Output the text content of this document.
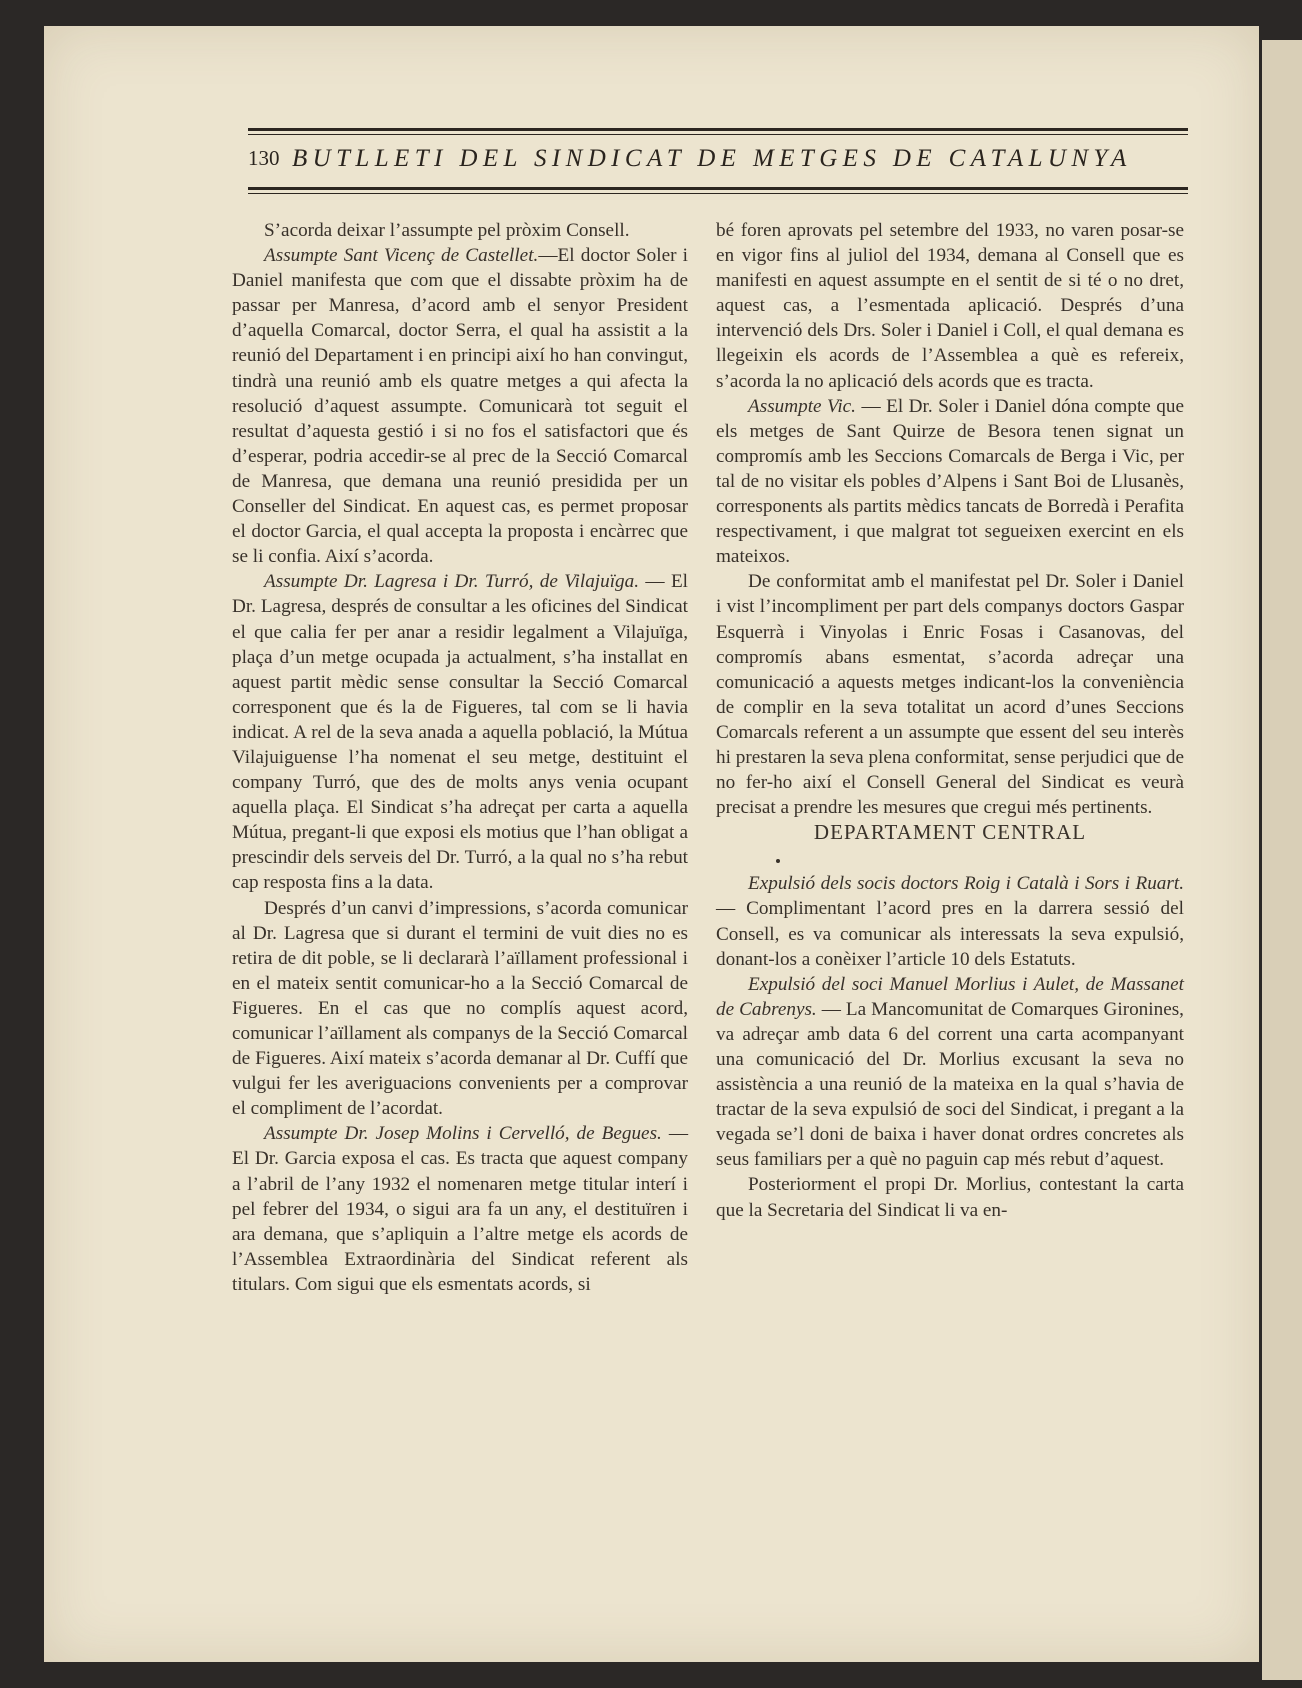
130 BUTLLETI DEL SINDICAT DE METGES DE CATALUNYA

S’acorda deixar l’assumpte pel pròxim Consell.

Assumpte Sant Vicenç de Castellet.—El doctor Soler i Daniel manifesta que com que el dissabte pròxim ha de passar per Manresa, d’acord amb el senyor President d’aquella Comarcal, doctor Serra, el qual ha assistit a la reunió del Departament i en principi així ho han convingut, tindrà una reunió amb els quatre metges a qui afecta la resolució d’aquest assumpte. Comunicarà tot seguit el resultat d’aquesta gestió i si no fos el satisfactori que és d’esperar, podria accedir-se al prec de la Secció Comarcal de Manresa, que demana una reunió presidida per un Conseller del Sindicat. En aquest cas, es permet proposar el doctor Garcia, el qual accepta la proposta i encàrrec que se li confia. Així s’acorda.

Assumpte Dr. Lagresa i Dr. Turró, de Vilajuïga. — El Dr. Lagresa, després de consultar a les oficines del Sindicat el que calia fer per anar a residir legalment a Vilajuïga, plaça d’un metge ocupada ja actualment, s’ha installat en aquest partit mèdic sense consultar la Secció Comarcal corresponent que és la de Figueres, tal com se li havia indicat. A rel de la seva anada a aquella població, la Mútua Vilajuiguense l’ha nomenat el seu metge, destituint el company Turró, que des de molts anys venia ocupant aquella plaça. El Sindicat s’ha adreçat per carta a aquella Mútua, pregant-li que exposi els motius que l’han obligat a prescindir dels serveis del Dr. Turró, a la qual no s’ha rebut cap resposta fins a la data.

Després d’un canvi d’impressions, s’acorda comunicar al Dr. Lagresa que si durant el termini de vuit dies no es retira de dit poble, se li declararà l’aïllament professional i en el mateix sentit comunicar-ho a la Secció Comarcal de Figueres. En el cas que no complís aquest acord, comunicar l’aïllament als companys de la Secció Comarcal de Figueres. Així mateix s’acorda demanar al Dr. Cuffí que vulgui fer les averiguacions convenients per a comprovar el compliment de l’acordat.

Assumpte Dr. Josep Molins i Cervelló, de Begues. — El Dr. Garcia exposa el cas. Es tracta que aquest company a l’abril de l’any 1932 el nomenaren metge titular interí i pel febrer del 1934, o sigui ara fa un any, el destituïren i ara demana, que s’apliquin a l’altre metge els acords de l’Assemblea Extraordinària del Sindicat referent als titulars. Com sigui que els esmentats acords, si

bé foren aprovats pel setembre del 1933, no varen posar-se en vigor fins al juliol del 1934, demana al Consell que es manifesti en aquest assumpte en el sentit de si té o no dret, aquest cas, a l’esmentada aplicació. Després d’una intervenció dels Drs. Soler i Daniel i Coll, el qual demana es llegeixin els acords de l’Assemblea a què es refereix, s’acorda la no aplicació dels acords que es tracta.

Assumpte Vic. — El Dr. Soler i Daniel dóna compte que els metges de Sant Quirze de Besora tenen signat un compromís amb les Seccions Comarcals de Berga i Vic, per tal de no visitar els pobles d’Alpens i Sant Boi de Llusanès, corresponents als partits mèdics tancats de Borredà i Perafita respectivament, i que malgrat tot segueixen exercint en els mateixos.

De conformitat amb el manifestat pel Dr. Soler i Daniel i vist l’incompliment per part dels companys doctors Gaspar Esquerrà i Vinyolas i Enric Fosas i Casanovas, del compromís abans esmentat, s’acorda adreçar una comunicació a aquests metges indicant-los la conveniència de complir en la seva totalitat un acord d’unes Seccions Comarcals referent a un assumpte que essent del seu interès hi prestaren la seva plena conformitat, sense perjudici que de no fer-ho així el Consell General del Sindicat es veurà precisat a prendre les mesures que cregui més pertinents.

DEPARTAMENT CENTRAL

Expulsió dels socis doctors Roig i Català i Sors i Ruart. — Complimentant l’acord pres en la darrera sessió del Consell, es va comunicar als interessats la seva expulsió, donant-los a conèixer l’article 10 dels Estatuts.

Expulsió del soci Manuel Morlius i Aulet, de Massanet de Cabrenys. — La Mancomunitat de Comarques Gironines, va adreçar amb data 6 del corrent una carta acompanyant una comunicació del Dr. Morlius excusant la seva no assistència a una reunió de la mateixa en la qual s’havia de tractar de la seva expulsió de soci del Sindicat, i pregant a la vegada se’l doni de baixa i haver donat ordres concretes als seus familiars per a què no paguin cap més rebut d’aquest.

Posteriorment el propi Dr. Morlius, contestant la carta que la Secretaria del Sindicat li va en-
